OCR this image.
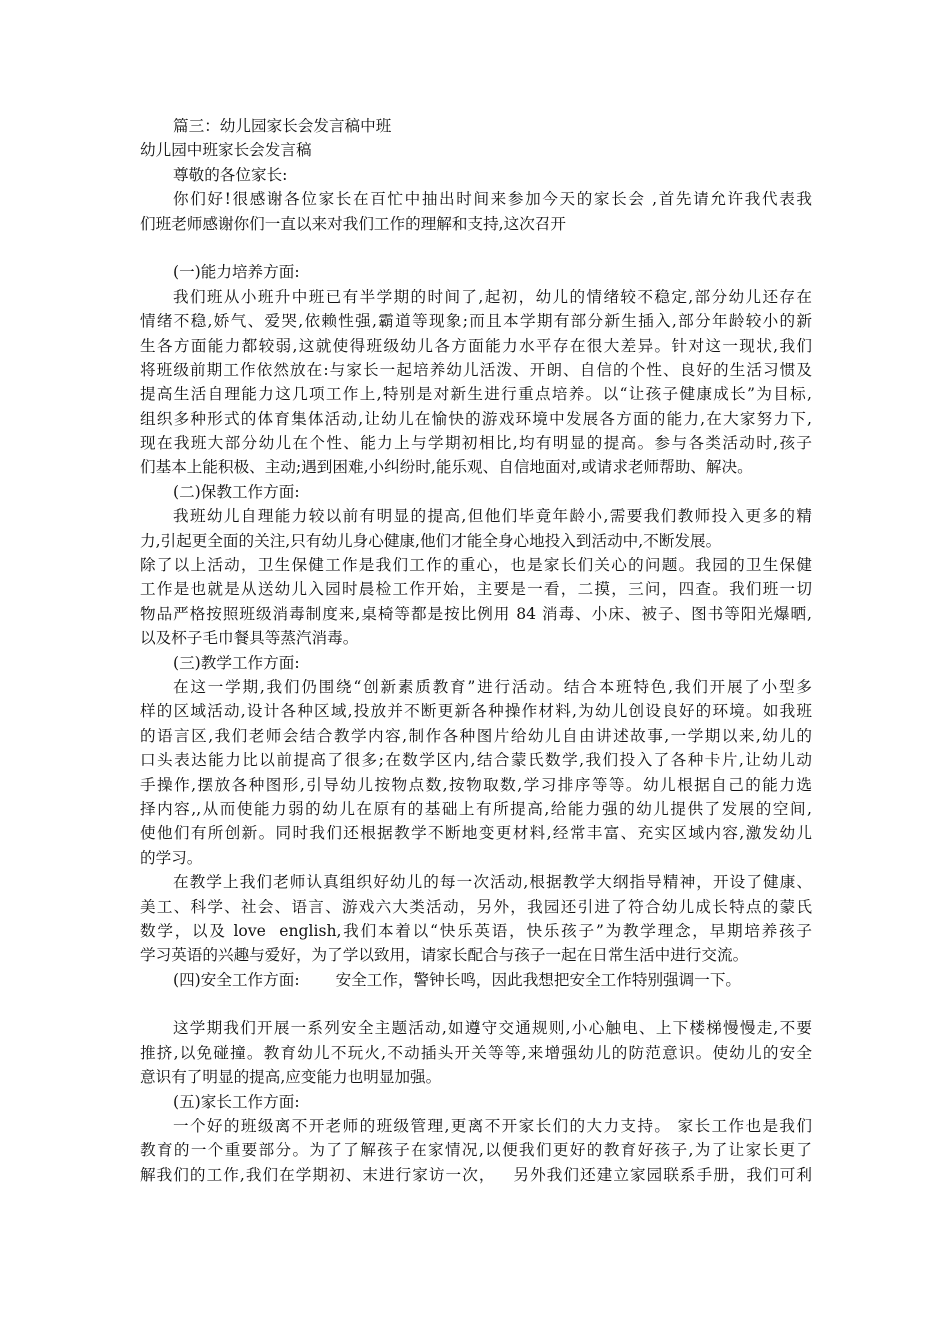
篇三：幼儿园家长会发言稿中班
幼儿园中班家长会发言稿
尊敬的各位家长:
你们好!很感谢各位家长在百忙中抽出时间来参加今天的家长会 ,首先请允许我代表我
们班老师感谢你们一直以来对我们工作的理解和支持,这次召开
(一)能力培养方面:
我们班从小班升中班已有半学期的时间了,起初，幼儿的情绪较不稳定,部分幼儿还存在
情绪不稳,娇气、爱哭,依赖性强,霸道等现象;而且本学期有部分新生插入,部分年龄较小的新
生各方面能力都较弱,这就使得班级幼儿各方面能力水平存在很大差异。针对这一现状,我们
将班级前期工作依然放在:与家长一起培养幼儿活泼、开朗、自信的个性、良好的生活习惯及
提高生活自理能力这几项工作上,特别是对新生进行重点培养。以“让孩子健康成长”为目标,
组织多种形式的体育集体活动,让幼儿在愉快的游戏环境中发展各方面的能力,在大家努力下,
现在我班大部分幼儿在个性、能力上与学期初相比,均有明显的提高。参与各类活动时,孩子
们基本上能积极、主动;遇到困难,小纠纷时,能乐观、自信地面对,或请求老师帮助、解决。
(二)保教工作方面:
我班幼儿自理能力较以前有明显的提高,但他们毕竟年龄小,需要我们教师投入更多的精
力,引起更全面的关注,只有幼儿身心健康,他们才能全身心地投入到活动中,不断发展。
除了以上活动，卫生保健工作是我们工作的重心，也是家长们关心的问题。我园的卫生保健
工作是也就是从送幼儿入园时晨检工作开始，主要是一看，二摸，三问，四查。我们班一切
物品严格按照班级消毒制度来,桌椅等都是按比例用 84 消毒、小床、被子、图书等阳光爆晒,
以及杯子毛巾餐具等蒸汽消毒。
(三)教学工作方面:
在这一学期,我们仍围绕“创新素质教育”进行活动。结合本班特色,我们开展了小型多
样的区域活动,设计各种区域,投放并不断更新各种操作材料,为幼儿创设良好的环境。如我班
的语言区,我们老师会结合教学内容,制作各种图片给幼儿自由讲述故事,一学期以来,幼儿的
口头表达能力比以前提高了很多;在数学区内,结合蒙氏数学,我们投入了各种卡片,让幼儿动
手操作,摆放各种图形,引导幼儿按物点数,按物取数,学习排序等等。幼儿根据自己的能力选
择内容,,从而使能力弱的幼儿在原有的基础上有所提高,给能力强的幼儿提供了发展的空间,
使他们有所创新。同时我们还根据教学不断地变更材料,经常丰富、充实区域内容,激发幼儿
的学习。
在教学上我们老师认真组织好幼儿的每一次活动,根据教学大纲指导精神，开设了健康、
美工、科学、社会、语言、游戏六大类活动，另外，我园还引进了符合幼儿成长特点的蒙氏
数学，以及 love  english,我们本着以“快乐英语，快乐孩子”为教学理念，早期培养孩子
学习英语的兴趣与爱好，为了学以致用，请家长配合与孩子一起在日常生活中进行交流。
(四)安全工作方面: 安全工作，警钟长鸣，因此我想把安全工作特别强调一下。
这学期我们开展一系列安全主题活动,如遵守交通规则,小心触电、上下楼梯慢慢走,不要
推挤,以免碰撞。教育幼儿不玩火,不动插头开关等等,来增强幼儿的防范意识。使幼儿的安全
意识有了明显的提高,应变能力也明显加强。
(五)家长工作方面:
一个好的班级离不开老师的班级管理,更离不开家长们的大力支持。 家长工作也是我们
教育的一个重要部分。为了了解孩子在家情况,以便我们更好的教育好孩子,为了让家长更了
解我们的工作,我们在学期初、末进行家访一次，   另外我们还建立家园联系手册，我们可利
